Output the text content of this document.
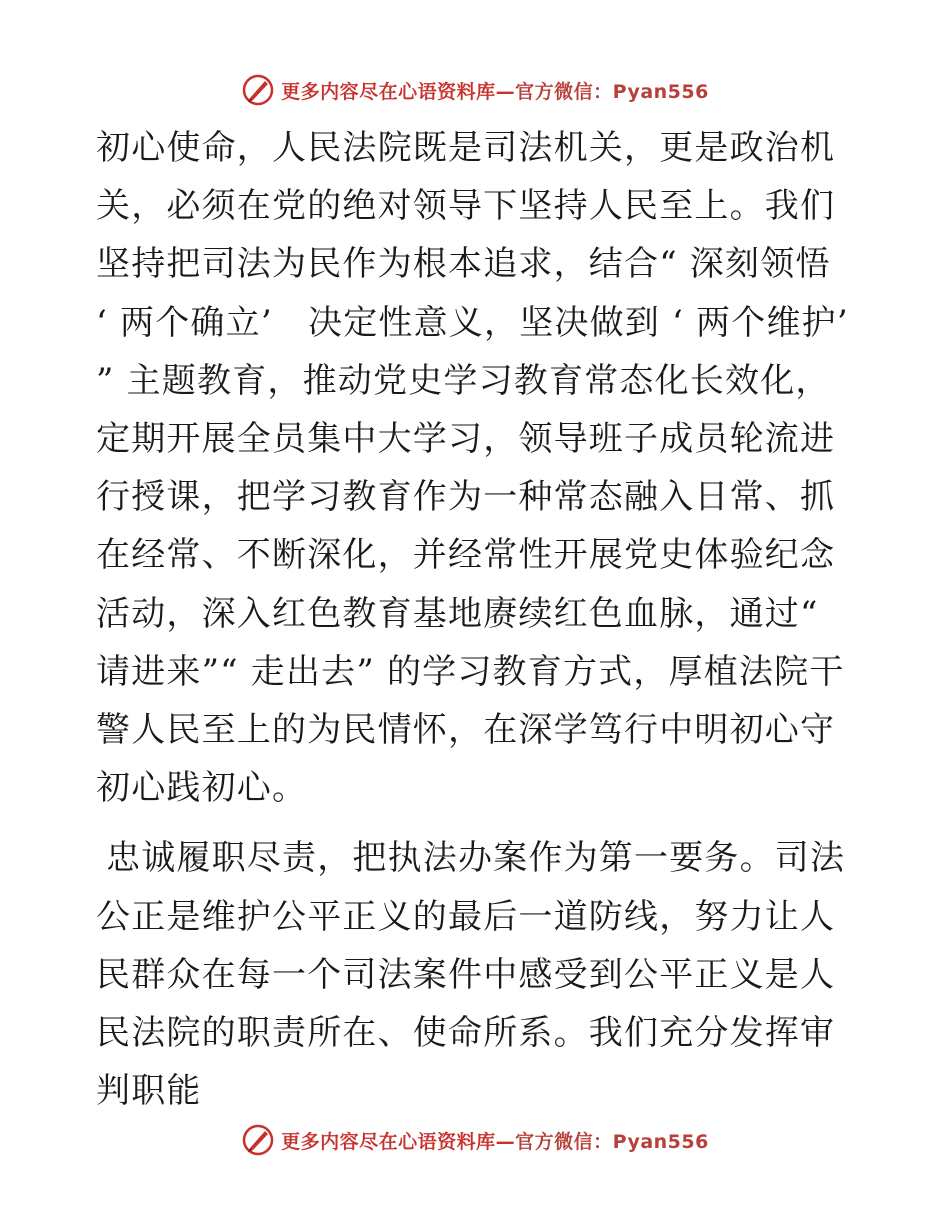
更多内容尽在心语资料库—官方微信：Pyan556

初心使命，人民法院既是司法机关，更是政治机关，必须在党的绝对领导下坚持人民至上。我们坚持把司法为民作为根本追求，结合“ 深刻领悟 ‘ 两个确立’　决定性意义，坚决做到 ‘ 两个维护’ ” 主题教育，推动党史学习教育常态化长效化，定期开展全员集中大学习，领导班子成员轮流进行授课，把学习教育作为一种常态融入日常、抓在经常、不断深化，并经常性开展党史体验纪念活动，深入红色教育基地赓续红色血脉，通过“ 请进来”“ 走出去” 的学习教育方式，厚植法院干警人民至上的为民情怀，在深学笃行中明初心守初心践初心。

忠诚履职尽责，把执法办案作为第一要务。司法公正是维护公平正义的最后一道防线，努力让人民群众在每一个司法案件中感受到公平正义是人民法院的职责所在、使命所系。我们充分发挥审判职能

更多内容尽在心语资料库—官方微信：Pyan556
